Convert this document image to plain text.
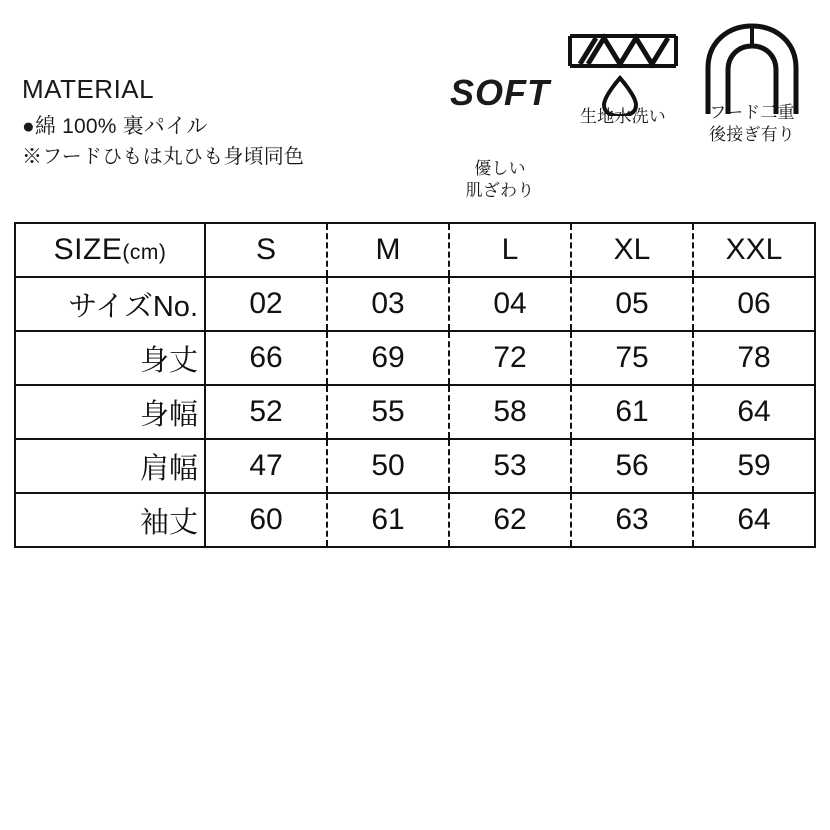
MATERIAL
●綿 100% 裏パイル
※フードひもは丸ひも身頃同色
SOFT
優しい
肌ざわり
生地水洗い	フード二重
後接ぎ有り
SIZE(cm)	S	M	L	XL	XXL
サイズNo.	02	03	04	05	06
身丈	66	69	72	75	78
身幅	52	55	58	61	64
肩幅	47	50	53	56	59
袖丈	60	61	62	63	64
